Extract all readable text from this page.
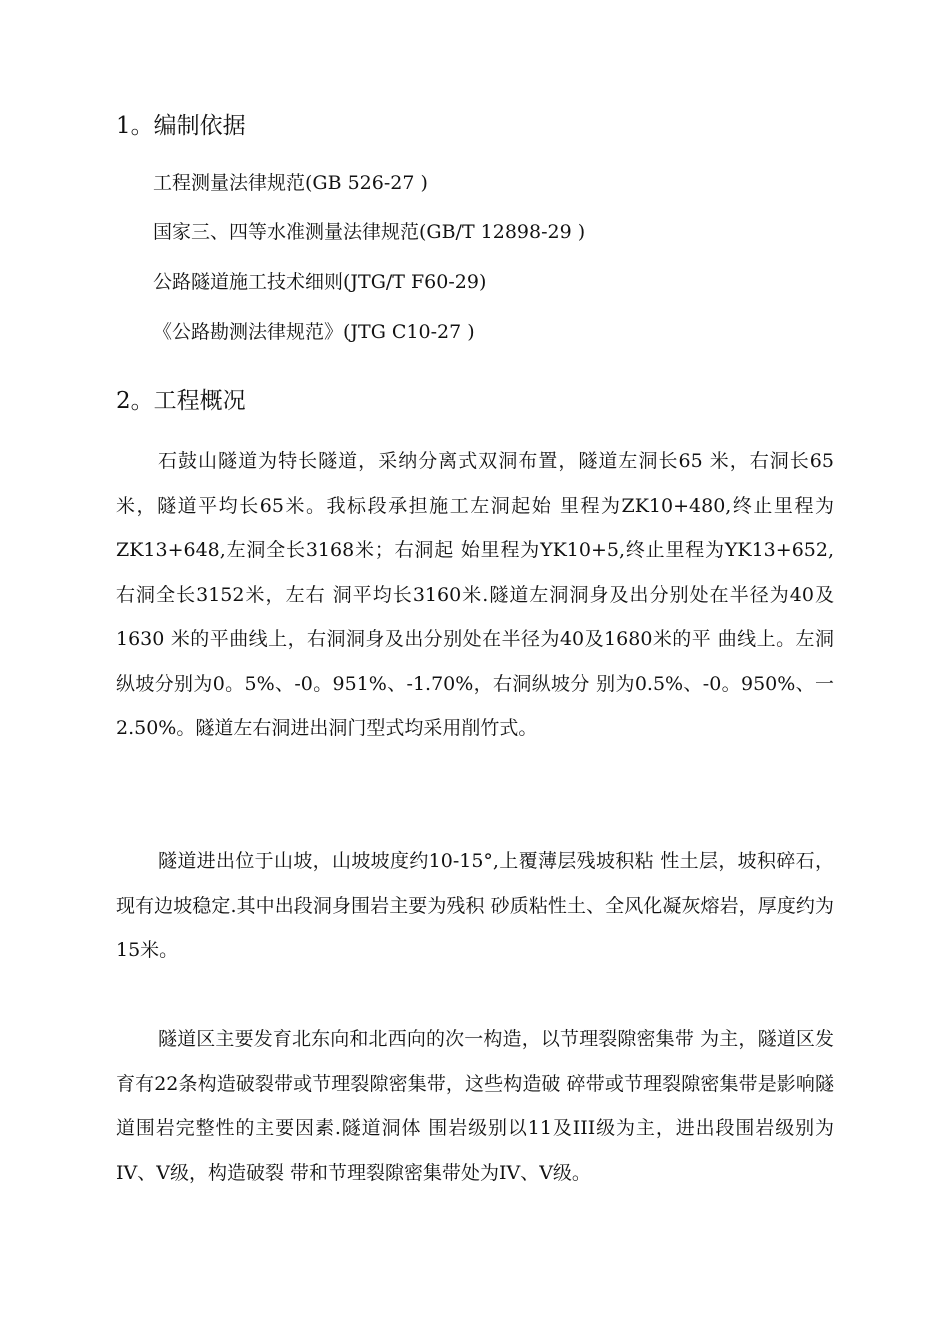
1。编制依据
工程测量法律规范(GB 526-27 )
国家三、四等水准测量法律规范(GB/T 12898-29 )
公路隧道施工技术细则(JTG/T F60-29)
《公路勘测法律规范》(JTG C10-27 )
2。工程概况

石鼓山隧道为特长隧道，采纳分离式双洞布置，隧道左洞长65 米，右洞长65米，隧道平均长65米。我标段承担施工左洞起始 里程为ZK10+480,终止里程为ZK13+648,左洞全长3168米；右洞起 始里程为YK10+5,终止里程为YK13+652,右洞全长3152米，左右 洞平均长3160米.隧道左洞洞身及出分别处在半径为40及1630 米的平曲线上，右洞洞身及出分别处在半径为40及1680米的平 曲线上。左洞纵坡分别为0。5%、-0。951%、-1.70%，右洞纵坡分 别为0.5%、-0。950%、一2.50%。隧道左右洞进出洞门型式均采用削竹式。

隧道进出位于山坡，山坡坡度约10-15°,上覆薄层残坡积粘 性土层，坡积碎石，现有边坡稳定.其中出段洞身围岩主要为残积 砂质粘性土、全风化凝灰熔岩，厚度约为15米。

隧道区主要发育北东向和北西向的次一构造，以节理裂隙密集带 为主，隧道区发育有22条构造破裂带或节理裂隙密集带，这些构造破 碎带或节理裂隙密集带是影响隧道围岩完整性的主要因素.隧道洞体 围岩级别以11及III级为主，进出段围岩级别为IV、V级，构造破裂 带和节理裂隙密集带处为IV、V级。
